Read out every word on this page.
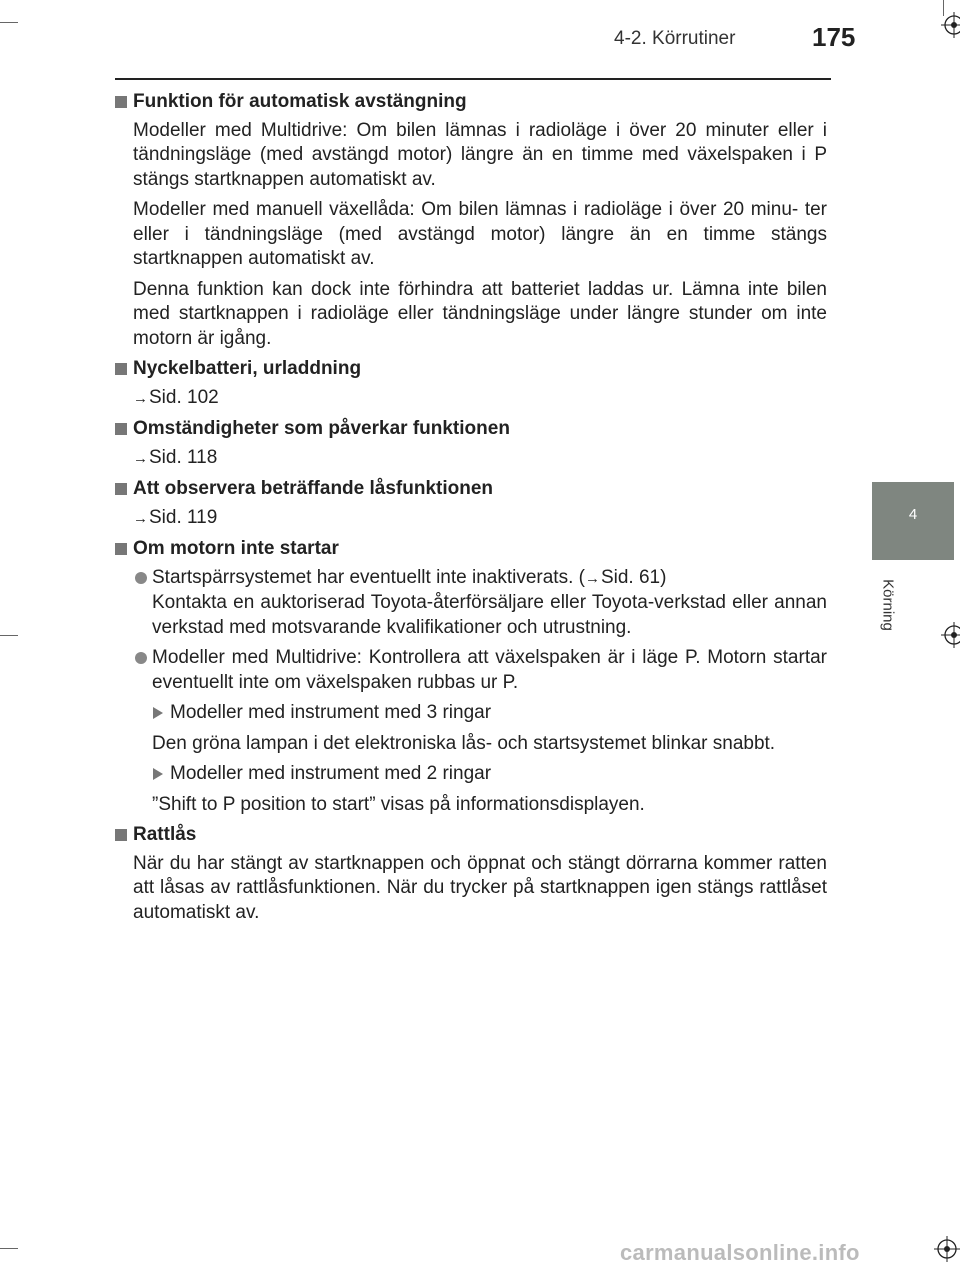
4-2. Körrutiner	175
4
Körning
Funktion för automatisk avstängning
Modeller med Multidrive: Om bilen lämnas i radioläge i över 20 minuter eller i tändningsläge (med avstängd motor) längre än en timme med växelspaken i P stängs startknappen automatiskt av.
Modeller med manuell växellåda: Om bilen lämnas i radioläge i över 20 minu- ter eller i tändningsläge (med avstängd motor) längre än en timme stängs startknappen automatiskt av.
Denna funktion kan dock inte förhindra att batteriet laddas ur. Lämna inte bilen med startknappen i radioläge eller tändningsläge under längre stunder om inte motorn är igång.
Nyckelbatteri, urladdning
→Sid. 102
Omständigheter som påverkar funktionen
→Sid. 118
Att observera beträffande låsfunktionen
→Sid. 119
Om motorn inte startar
Startspärrsystemet har eventuellt inte inaktiverats. (→Sid. 61)
Kontakta en auktoriserad Toyota-återförsäljare eller Toyota-verkstad eller annan verkstad med motsvarande kvalifikationer och utrustning.
Modeller med Multidrive: Kontrollera att växelspaken är i läge P. Motorn startar eventuellt inte om växelspaken rubbas ur P.
Modeller med instrument med 3 ringar
Den gröna lampan i det elektroniska lås- och startsystemet blinkar snabbt.
Modeller med instrument med 2 ringar
”Shift to P position to start” visas på informationsdisplayen.
Rattlås
När du har stängt av startknappen och öppnat och stängt dörrarna kommer ratten att låsas av rattlåsfunktionen. När du trycker på startknappen igen stängs rattlåset automatiskt av.
carmanualsonline.info
